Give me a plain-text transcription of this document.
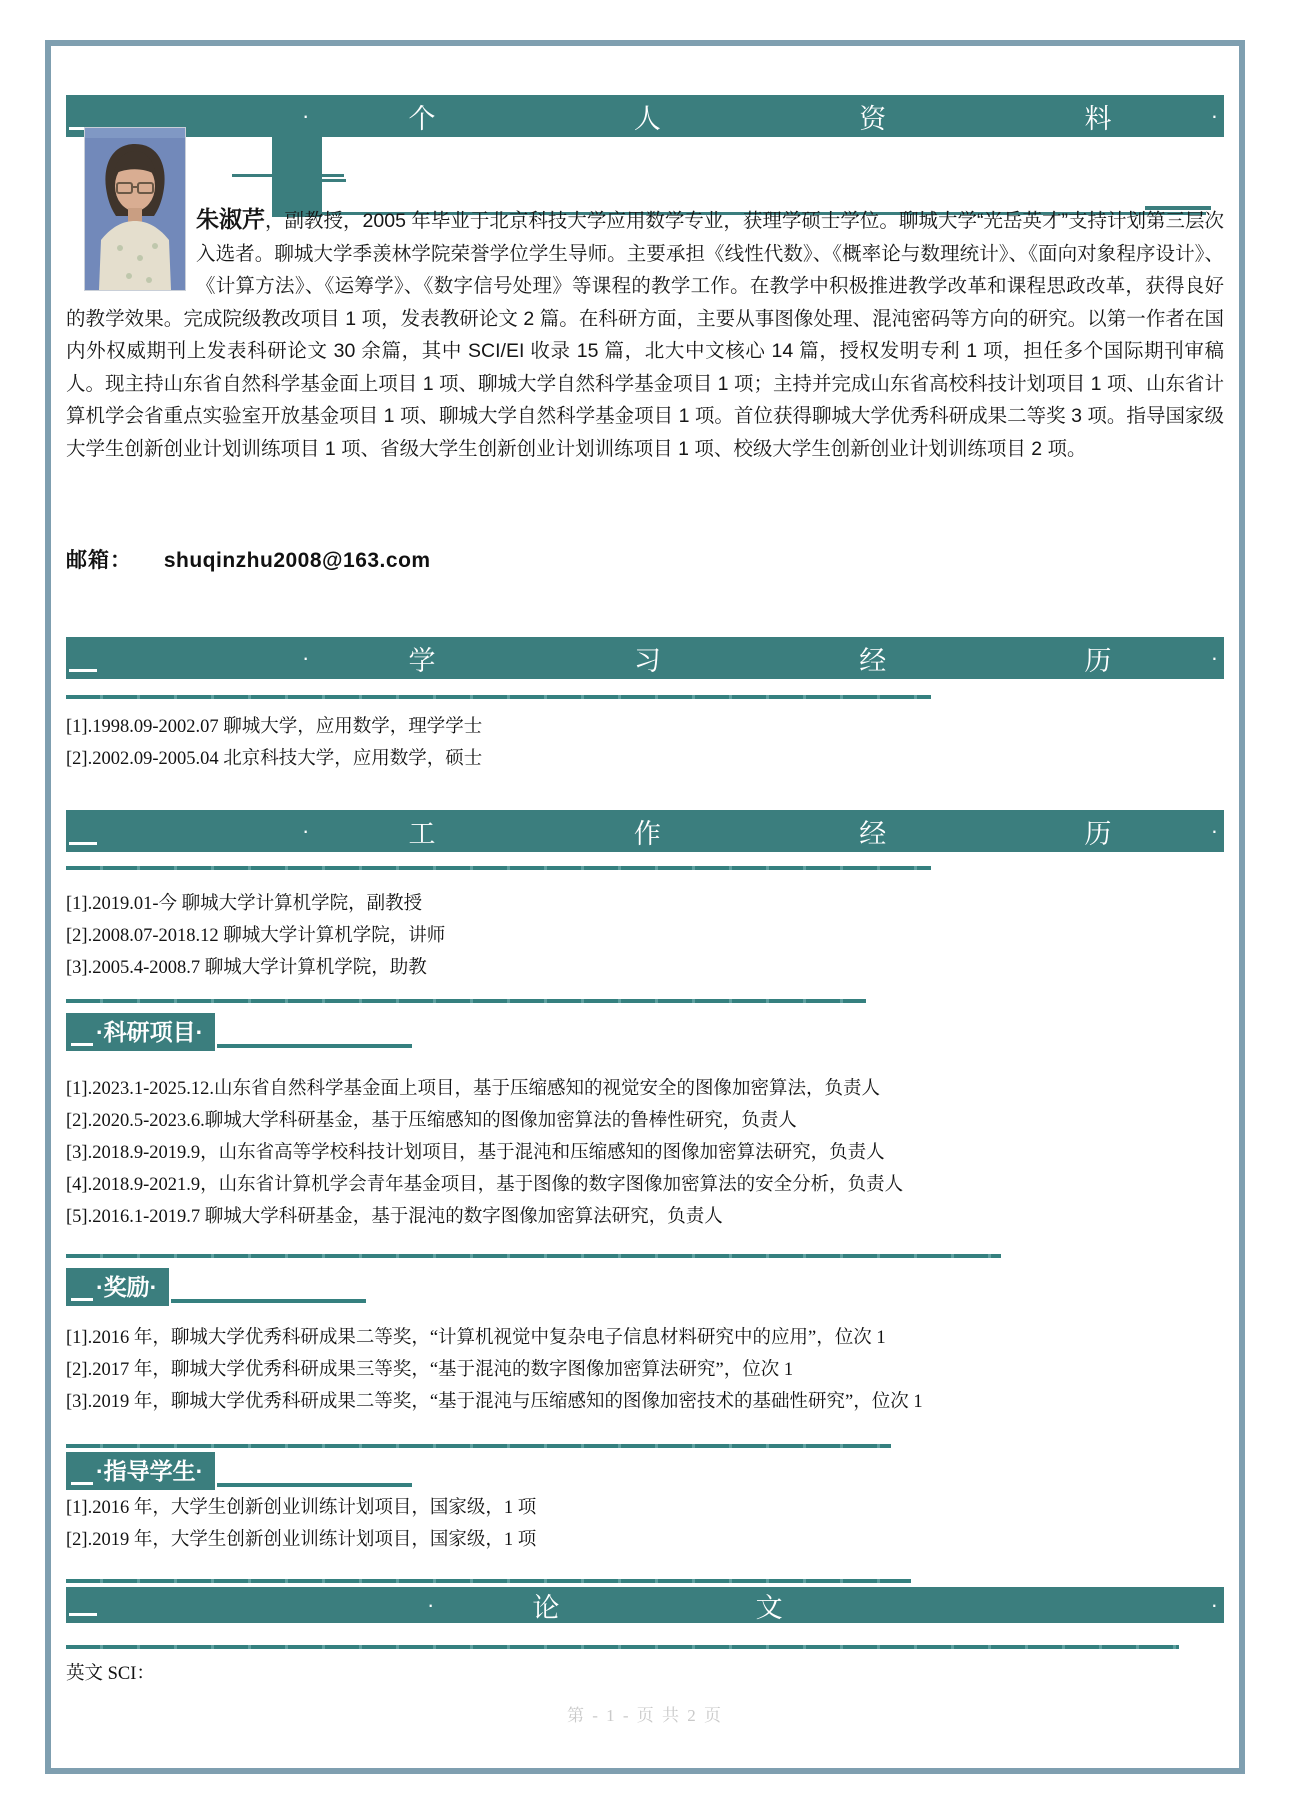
·	个	人	资	料	·

朱淑芹，副教授，2005 年毕业于北京科技大学应用数学专业，获理学硕士学位。聊城大学“光岳英才”支持计划第三层次入选者。聊城大学季羡林学院荣誉学位学生导师。主要承担《线性代数》、《概率论与数理统计》、《面向对象程序设计》、《计算方法》、《运筹学》、《数字信号处理》等课程的教学工作。在教学中积极推进教学改革和课程思政改革，获得良好的教学效果。完成院级教改项目 1 项，发表教研论文 2 篇。在科研方面，主要从事图像处理、混沌密码等方向的研究。以第一作者在国内外权威期刊上发表科研论文 30 余篇，其中 SCI/EI 收录 15 篇，北大中文核心 14 篇，授权发明专利 1 项，担任多个国际期刊审稿人。现主持山东省自然科学基金面上项目 1 项、聊城大学自然科学基金项目 1 项；主持并完成山东省高校科技计划项目 1 项、山东省计算机学会省重点实验室开放基金项目 1 项、聊城大学自然科学基金项目 1 项。首位获得聊城大学优秀科研成果二等奖 3 项。指导国家级大学生创新创业计划训练项目 1 项、省级大学生创新创业计划训练项目 1 项、校级大学生创新创业计划训练项目 2 项。

邮箱： shuqinzhu2008@163.com
·	学	习	经	历	·
[1].1998.09-2002.07 聊城大学，应用数学，理学学士
[2].2002.09-2005.04 北京科技大学，应用数学，硕士
·	工	作	经	历	·
[1].2019.01-今 聊城大学计算机学院，副教授
[2].2008.07-2018.12 聊城大学计算机学院，讲师
[3].2005.4-2008.7 聊城大学计算机学院，助教
·科研项目·
[1].2023.1-2025.12.山东省自然科学基金面上项目，基于压缩感知的视觉安全的图像加密算法，负责人
[2].2020.5-2023.6.聊城大学科研基金，基于压缩感知的图像加密算法的鲁棒性研究，负责人
[3].2018.9-2019.9，山东省高等学校科技计划项目，基于混沌和压缩感知的图像加密算法研究，负责人
[4].2018.9-2021.9，山东省计算机学会青年基金项目，基于图像的数字图像加密算法的安全分析，负责人
[5].2016.1-2019.7 聊城大学科研基金，基于混沌的数字图像加密算法研究，负责人
·奖励·
[1].2016 年，聊城大学优秀科研成果二等奖，“计算机视觉中复杂电子信息材料研究中的应用”，位次 1
[2].2017 年，聊城大学优秀科研成果三等奖，“基于混沌的数字图像加密算法研究”，位次 1
[3].2019 年，聊城大学优秀科研成果二等奖，“基于混沌与压缩感知的图像加密技术的基础性研究”，位次 1
·指导学生·
[1].2016 年，大学生创新创业训练计划项目，国家级，1 项
[2].2019 年，大学生创新创业训练计划项目，国家级，1 项
·	论	文	·
英文 SCI：
第 - 1 - 页 共 2 页
